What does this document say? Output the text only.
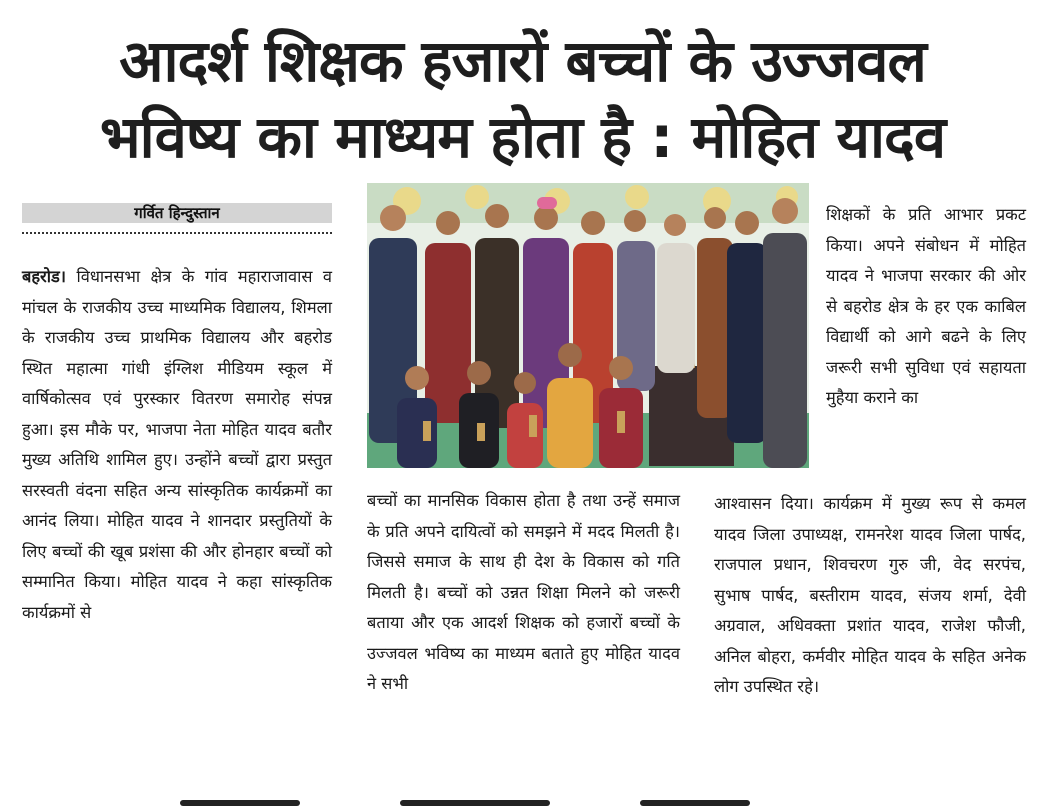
आदर्श शिक्षक हजारों बच्चों के उज्जवल
भविष्य का माध्यम होता है : मोहित यादव
गर्वित हिन्दुस्तान

बहरोड। विधानसभा क्षेत्र के गांव महाराजावास व मांचल के राजकीय उच्च माध्यमिक विद्यालय, शिमला के राजकीय उच्च प्राथमिक विद्यालय और बहरोड स्थित महात्मा गांधी इंग्लिश मीडियम स्कूल में वार्षिकोत्सव एवं पुरस्कार वितरण समारोह संपन्न हुआ। इस मौके पर, भाजपा नेता मोहित यादव बतौर मुख्य अतिथि शामिल हुए। उन्होंने बच्चों द्वारा प्रस्तुत सरस्वती वंदना सहित अन्य सांस्कृतिक कार्यक्रमों का आनंद लिया। मोहित यादव ने शानदार प्रस्तुतियों के लिए बच्चों की खूब प्रशंसा की और होनहार बच्चों को सम्मानित किया। मोहित यादव ने कहा सांस्कृतिक कार्यक्रमों से

बच्चों का मानसिक विकास होता है तथा उन्हें समाज के प्रति अपने दायित्वों को समझने में मदद मिलती है। जिससे समाज के साथ ही देश के विकास को गति मिलती है। बच्चों को उन्नत शिक्षा मिलने को जरूरी बताया और एक आदर्श शिक्षक को हजारों बच्चों के उज्जवल भविष्य का माध्यम बताते हुए मोहित यादव ने सभी

शिक्षकों के प्रति आभार प्रकट किया। अपने संबोधन में मोहित यादव ने भाजपा सरकार की ओर से बहरोड क्षेत्र के हर एक काबिल विद्यार्थी को आगे बढने के लिए जरूरी सभी सुविधा एवं सहायता मुहैया कराने का

आश्वासन दिया। कार्यक्रम में मुख्य रूप से कमल यादव जिला उपाध्यक्ष, रामनरेश यादव जिला पार्षद, राजपाल प्रधान, शिवचरण गुरु जी, वेद सरपंच, सुभाष पार्षद, बस्तीराम यादव, संजय शर्मा, देवी अग्रवाल, अधिवक्ता प्रशांत यादव, राजेश फौजी, अनिल बोहरा, कर्मवीर मोहित यादव के सहित अनेक लोग उपस्थित रहे।
